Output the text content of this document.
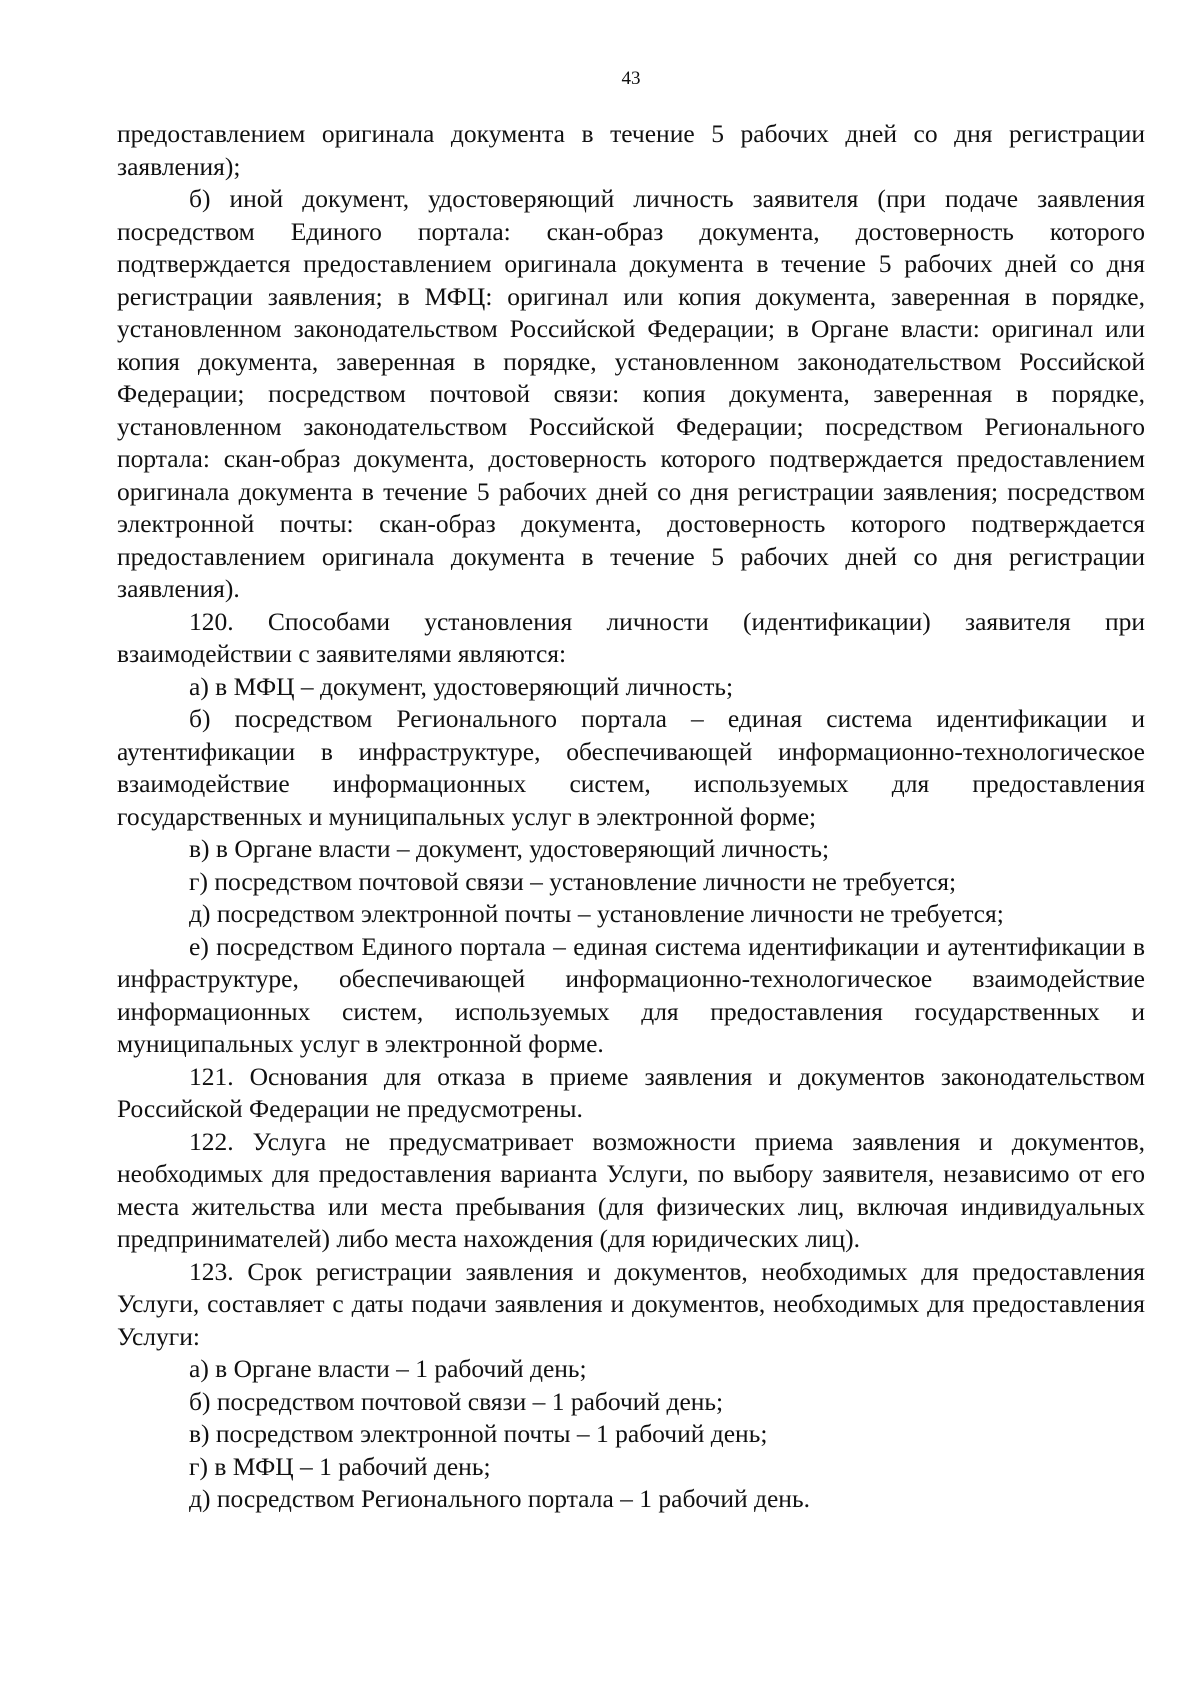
43

предоставлением оригинала документа в течение 5 рабочих дней со дня регистрации заявления);

б) иной документ, удостоверяющий личность заявителя (при подаче заявления посредством Единого портала: скан-образ документа, достоверность которого подтверждается предоставлением оригинала документа в течение 5 рабочих дней со дня регистрации заявления; в МФЦ: оригинал или копия документа, заверенная в порядке, установленном законодательством Российской Федерации; в Органе власти: оригинал или копия документа, заверенная в порядке, установленном законодательством Российской Федерации; посредством почтовой связи: копия документа, заверенная в порядке, установленном законодательством Российской Федерации; посредством Регионального портала: скан-образ документа, достоверность которого подтверждается предоставлением оригинала документа в течение 5 рабочих дней со дня регистрации заявления; посредством электронной почты: скан-образ документа, достоверность которого подтверждается предоставлением оригинала документа в течение 5 рабочих дней со дня регистрации заявления).

120. Способами установления личности (идентификации) заявителя при взаимодействии с заявителями являются:

а) в МФЦ – документ, удостоверяющий личность;

б) посредством Регионального портала – единая система идентификации и аутентификации в инфраструктуре, обеспечивающей информационно-технологическое взаимодействие информационных систем, используемых для предоставления государственных и муниципальных услуг в электронной форме;

в) в Органе власти – документ, удостоверяющий личность;

г) посредством почтовой связи – установление личности не требуется;

д) посредством электронной почты – установление личности не требуется;

е) посредством Единого портала – единая система идентификации и аутентификации в инфраструктуре, обеспечивающей информационно-технологическое взаимодействие информационных систем, используемых для предоставления государственных и муниципальных услуг в электронной форме.

121. Основания для отказа в приеме заявления и документов законодательством Российской Федерации не предусмотрены.

122. Услуга не предусматривает возможности приема заявления и документов, необходимых для предоставления варианта Услуги, по выбору заявителя, независимо от его места жительства или места пребывания (для физических лиц, включая индивидуальных предпринимателей) либо места нахождения (для юридических лиц).

123. Срок регистрации заявления и документов, необходимых для предоставления Услуги, составляет с даты подачи заявления и документов, необходимых для предоставления Услуги:

а) в Органе власти – 1 рабочий день;

б) посредством почтовой связи – 1 рабочий день;

в) посредством электронной почты – 1 рабочий день;

г) в МФЦ – 1 рабочий день;

д) посредством Регионального портала – 1 рабочий день.
